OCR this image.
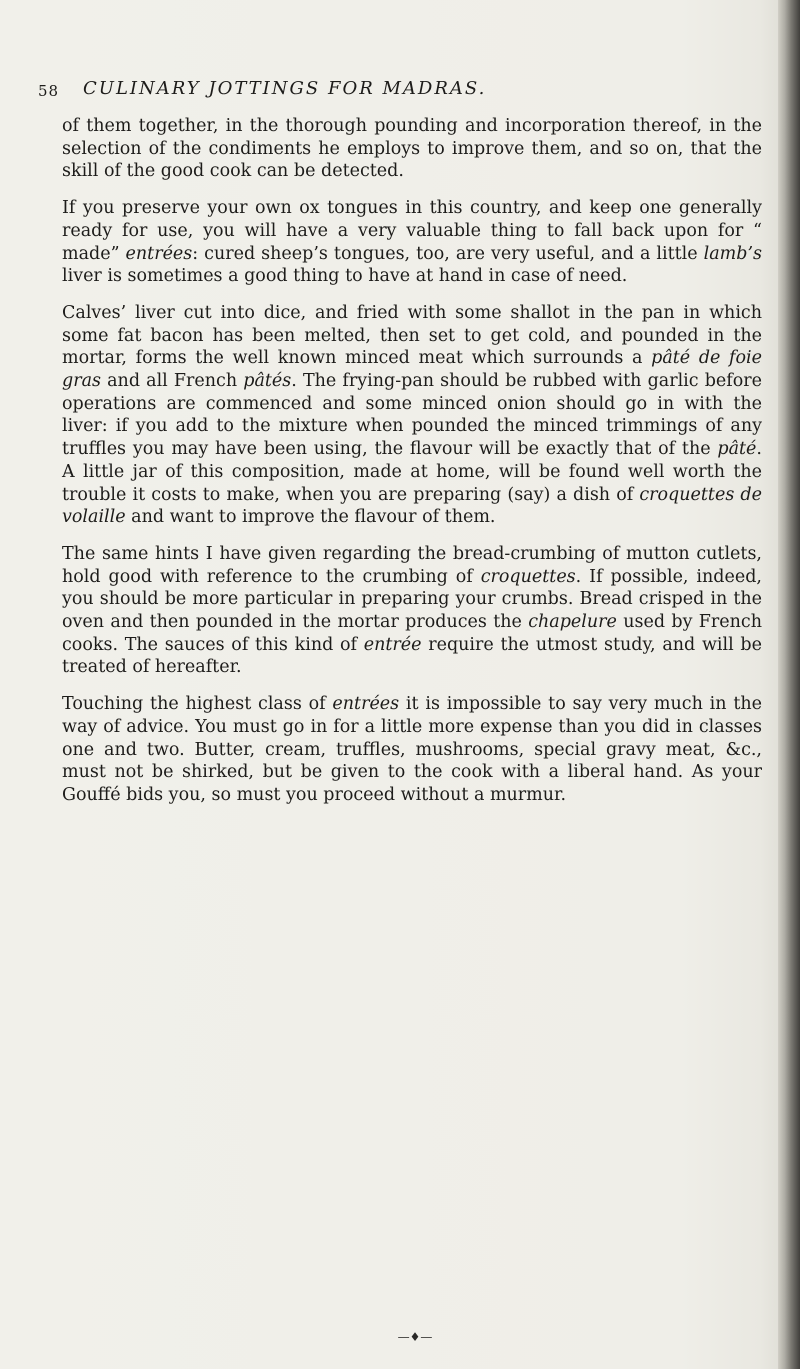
58 CULINARY JOTTINGS FOR MADRAS.

of them together, in the thorough pounding and incorporation thereof, in the selection of the condiments he employs to improve them, and so on, that the skill of the good cook can be detected.

If you preserve your own ox tongues in this country, and keep one generally ready for use, you will have a very valuable thing to fall back upon for “ made” entrées: cured sheep’s tongues, too, are very useful, and a little lamb’s liver is sometimes a good thing to have at hand in case of need.

Calves’ liver cut into dice, and fried with some shallot in the pan in which some fat bacon has been melted, then set to get cold, and pounded in the mortar, forms the well known minced meat which surrounds a pâté de foie gras and all French pâtés. The frying-pan should be rubbed with garlic before operations are commenced and some minced onion should go in with the liver: if you add to the mixture when pounded the minced trimmings of any truffles you may have been using, the flavour will be exactly that of the pâté. A little jar of this composition, made at home, will be found well worth the trouble it costs to make, when you are preparing (say) a dish of croquettes de volaille and want to improve the flavour of them.

The same hints I have given regarding the bread-crumbing of mutton cutlets, hold good with reference to the crumbing of croquettes. If possible, indeed, you should be more particular in preparing your crumbs. Bread crisped in the oven and then pounded in the mortar produces the chapelure used by French cooks. The sauces of this kind of entrée require the utmost study, and will be treated of hereafter.

Touching the highest class of entrées it is impossible to say very much in the way of advice. You must go in for a little more expense than you did in classes one and two. Butter, cream, truffles, mushrooms, special gravy meat, &c., must not be shirked, but be given to the cook with a liberal hand. As your Gouffé bids you, so must you proceed without a murmur.

—♦—
